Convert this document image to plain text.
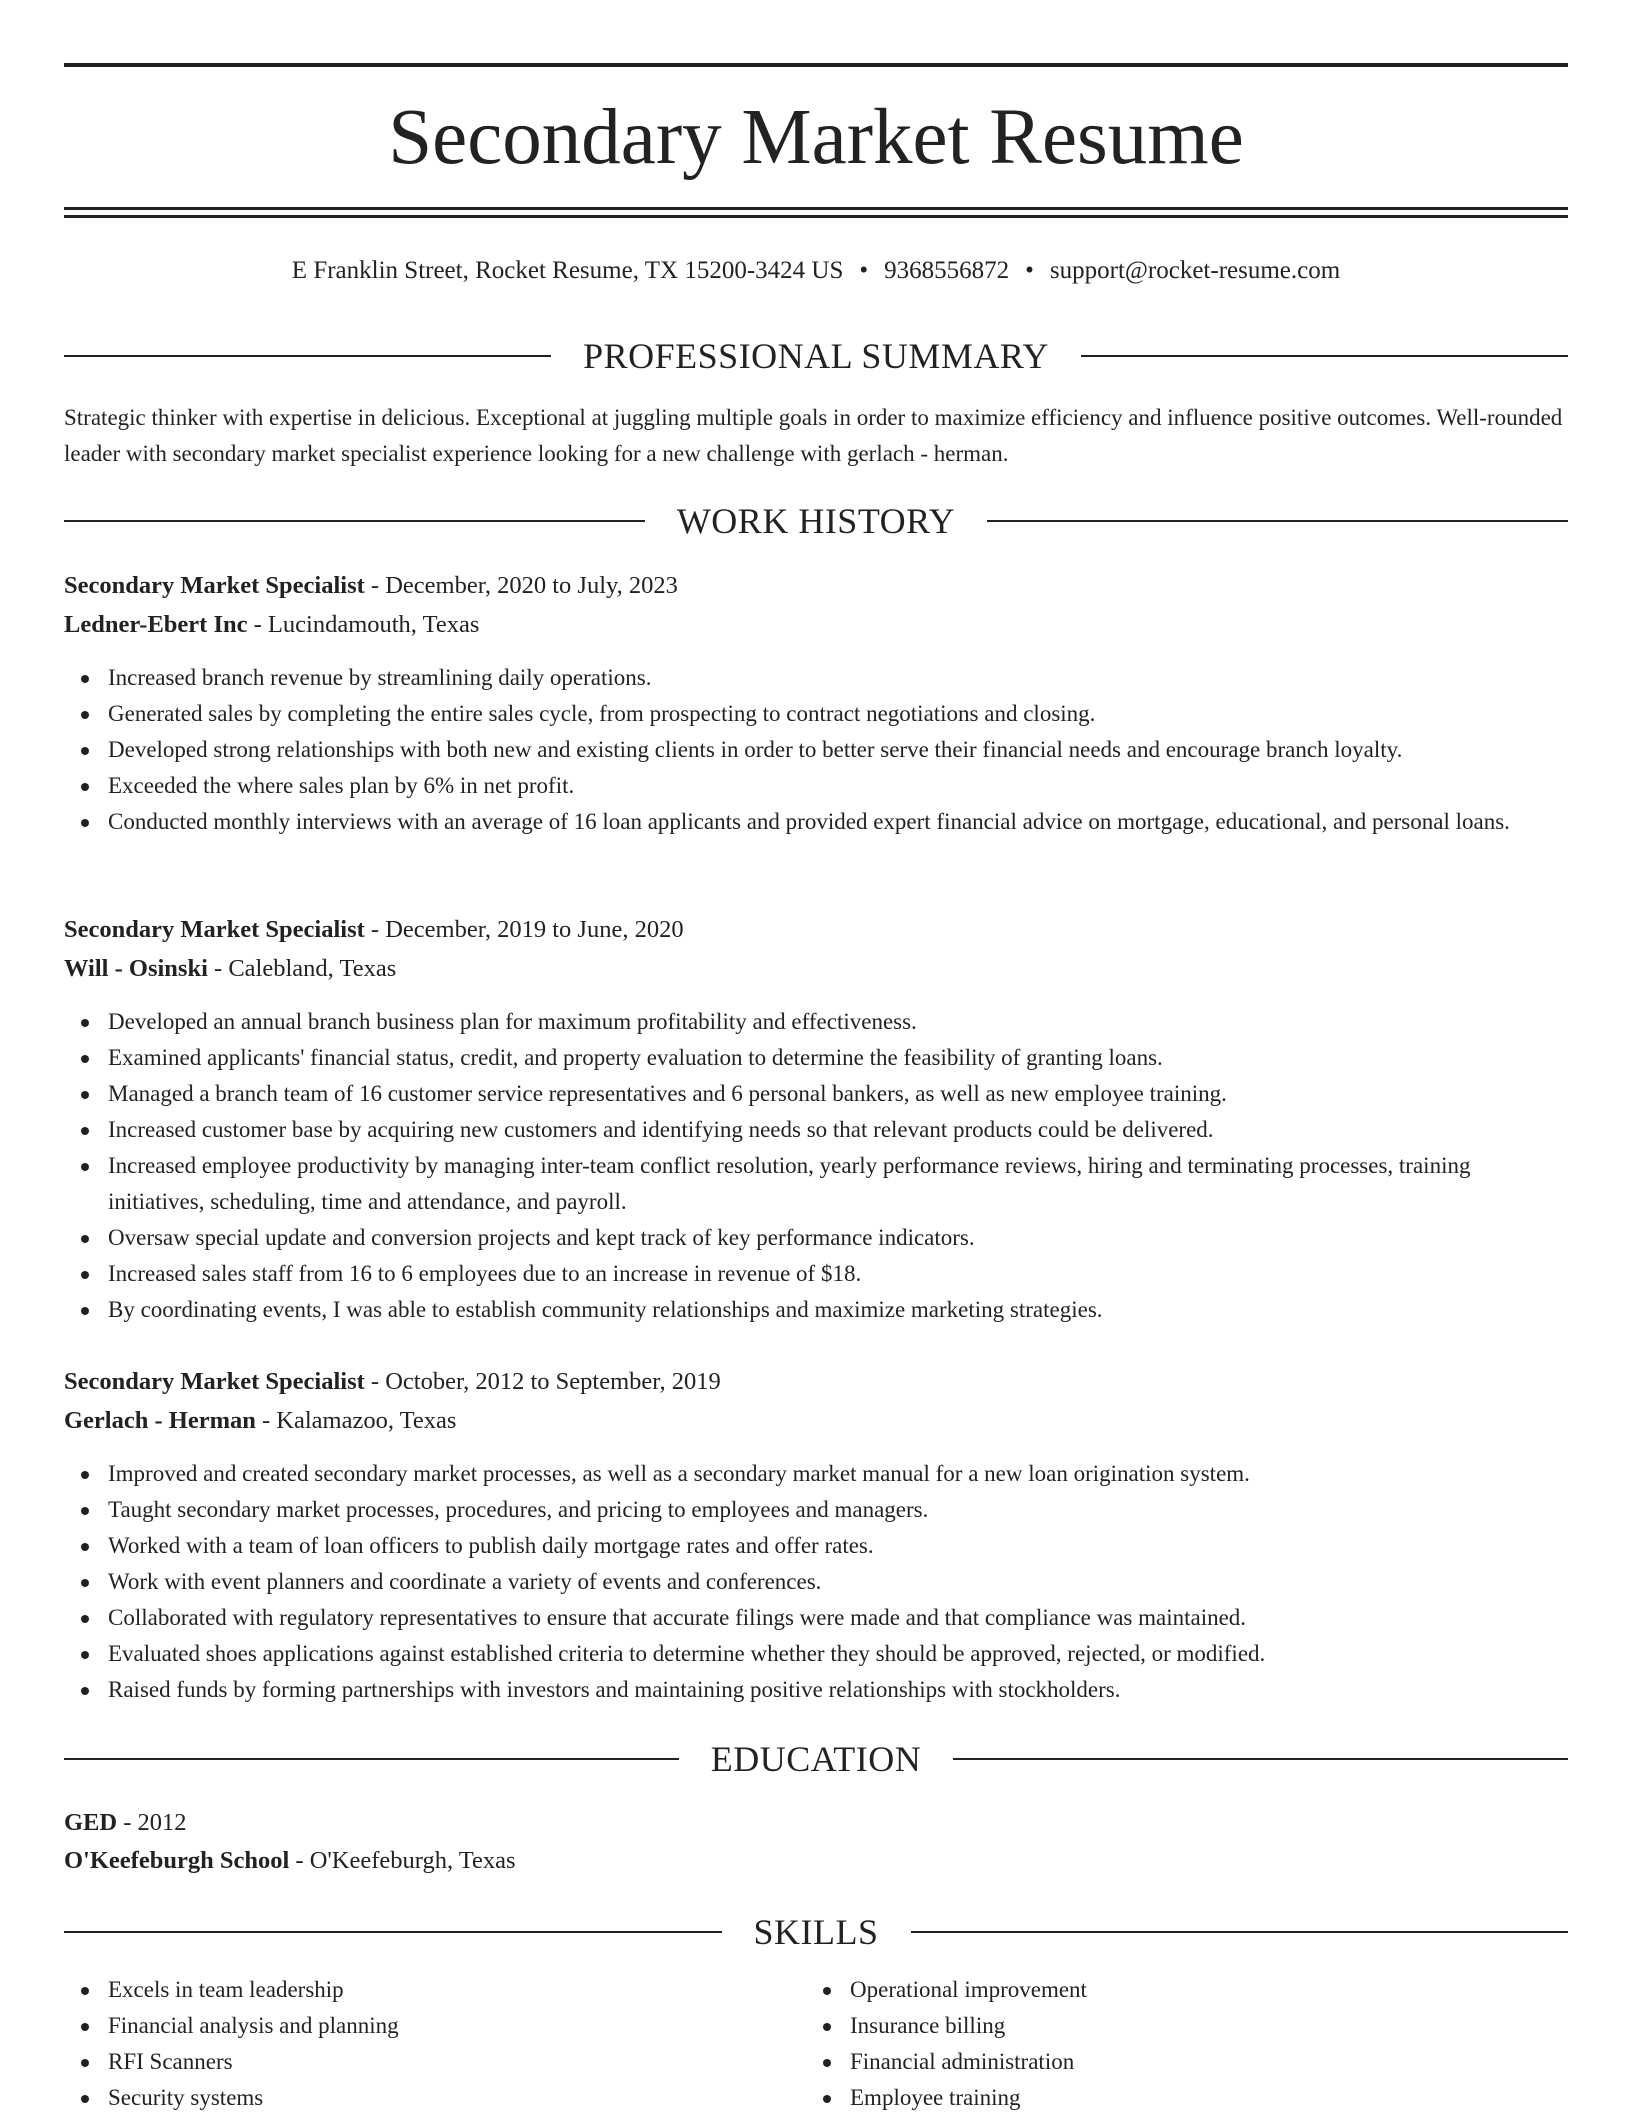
Secondary Market Resume
E Franklin Street, Rocket Resume, TX 15200-3424 US • 9368556872 • support@rocket-resume.com
PROFESSIONAL SUMMARY
Strategic thinker with expertise in delicious. Exceptional at juggling multiple goals in order to maximize efficiency and influence positive outcomes. Well-rounded leader with secondary market specialist experience looking for a new challenge with gerlach - herman.
WORK HISTORY
Secondary Market Specialist - December, 2020 to July, 2023
Ledner-Ebert Inc - Lucindamouth, Texas
Increased branch revenue by streamlining daily operations.
Generated sales by completing the entire sales cycle, from prospecting to contract negotiations and closing.
Developed strong relationships with both new and existing clients in order to better serve their financial needs and encourage branch loyalty.
Exceeded the where sales plan by 6% in net profit.
Conducted monthly interviews with an average of 16 loan applicants and provided expert financial advice on mortgage, educational, and personal loans.
Secondary Market Specialist - December, 2019 to June, 2020
Will - Osinski - Calebland, Texas
Developed an annual branch business plan for maximum profitability and effectiveness.
Examined applicants' financial status, credit, and property evaluation to determine the feasibility of granting loans.
Managed a branch team of 16 customer service representatives and 6 personal bankers, as well as new employee training.
Increased customer base by acquiring new customers and identifying needs so that relevant products could be delivered.
Increased employee productivity by managing inter-team conflict resolution, yearly performance reviews, hiring and terminating processes, training initiatives, scheduling, time and attendance, and payroll.
Oversaw special update and conversion projects and kept track of key performance indicators.
Increased sales staff from 16 to 6 employees due to an increase in revenue of $18.
By coordinating events, I was able to establish community relationships and maximize marketing strategies.
Secondary Market Specialist - October, 2012 to September, 2019
Gerlach - Herman - Kalamazoo, Texas
Improved and created secondary market processes, as well as a secondary market manual for a new loan origination system.
Taught secondary market processes, procedures, and pricing to employees and managers.
Worked with a team of loan officers to publish daily mortgage rates and offer rates.
Work with event planners and coordinate a variety of events and conferences.
Collaborated with regulatory representatives to ensure that accurate filings were made and that compliance was maintained.
Evaluated shoes applications against established criteria to determine whether they should be approved, rejected, or modified.
Raised funds by forming partnerships with investors and maintaining positive relationships with stockholders.
EDUCATION
GED - 2012
O'Keefeburgh School - O'Keefeburgh, Texas
SKILLS
Excels in team leadership
Financial analysis and planning
RFI Scanners
Security systems
Operational improvement
Insurance billing
Financial administration
Employee training
